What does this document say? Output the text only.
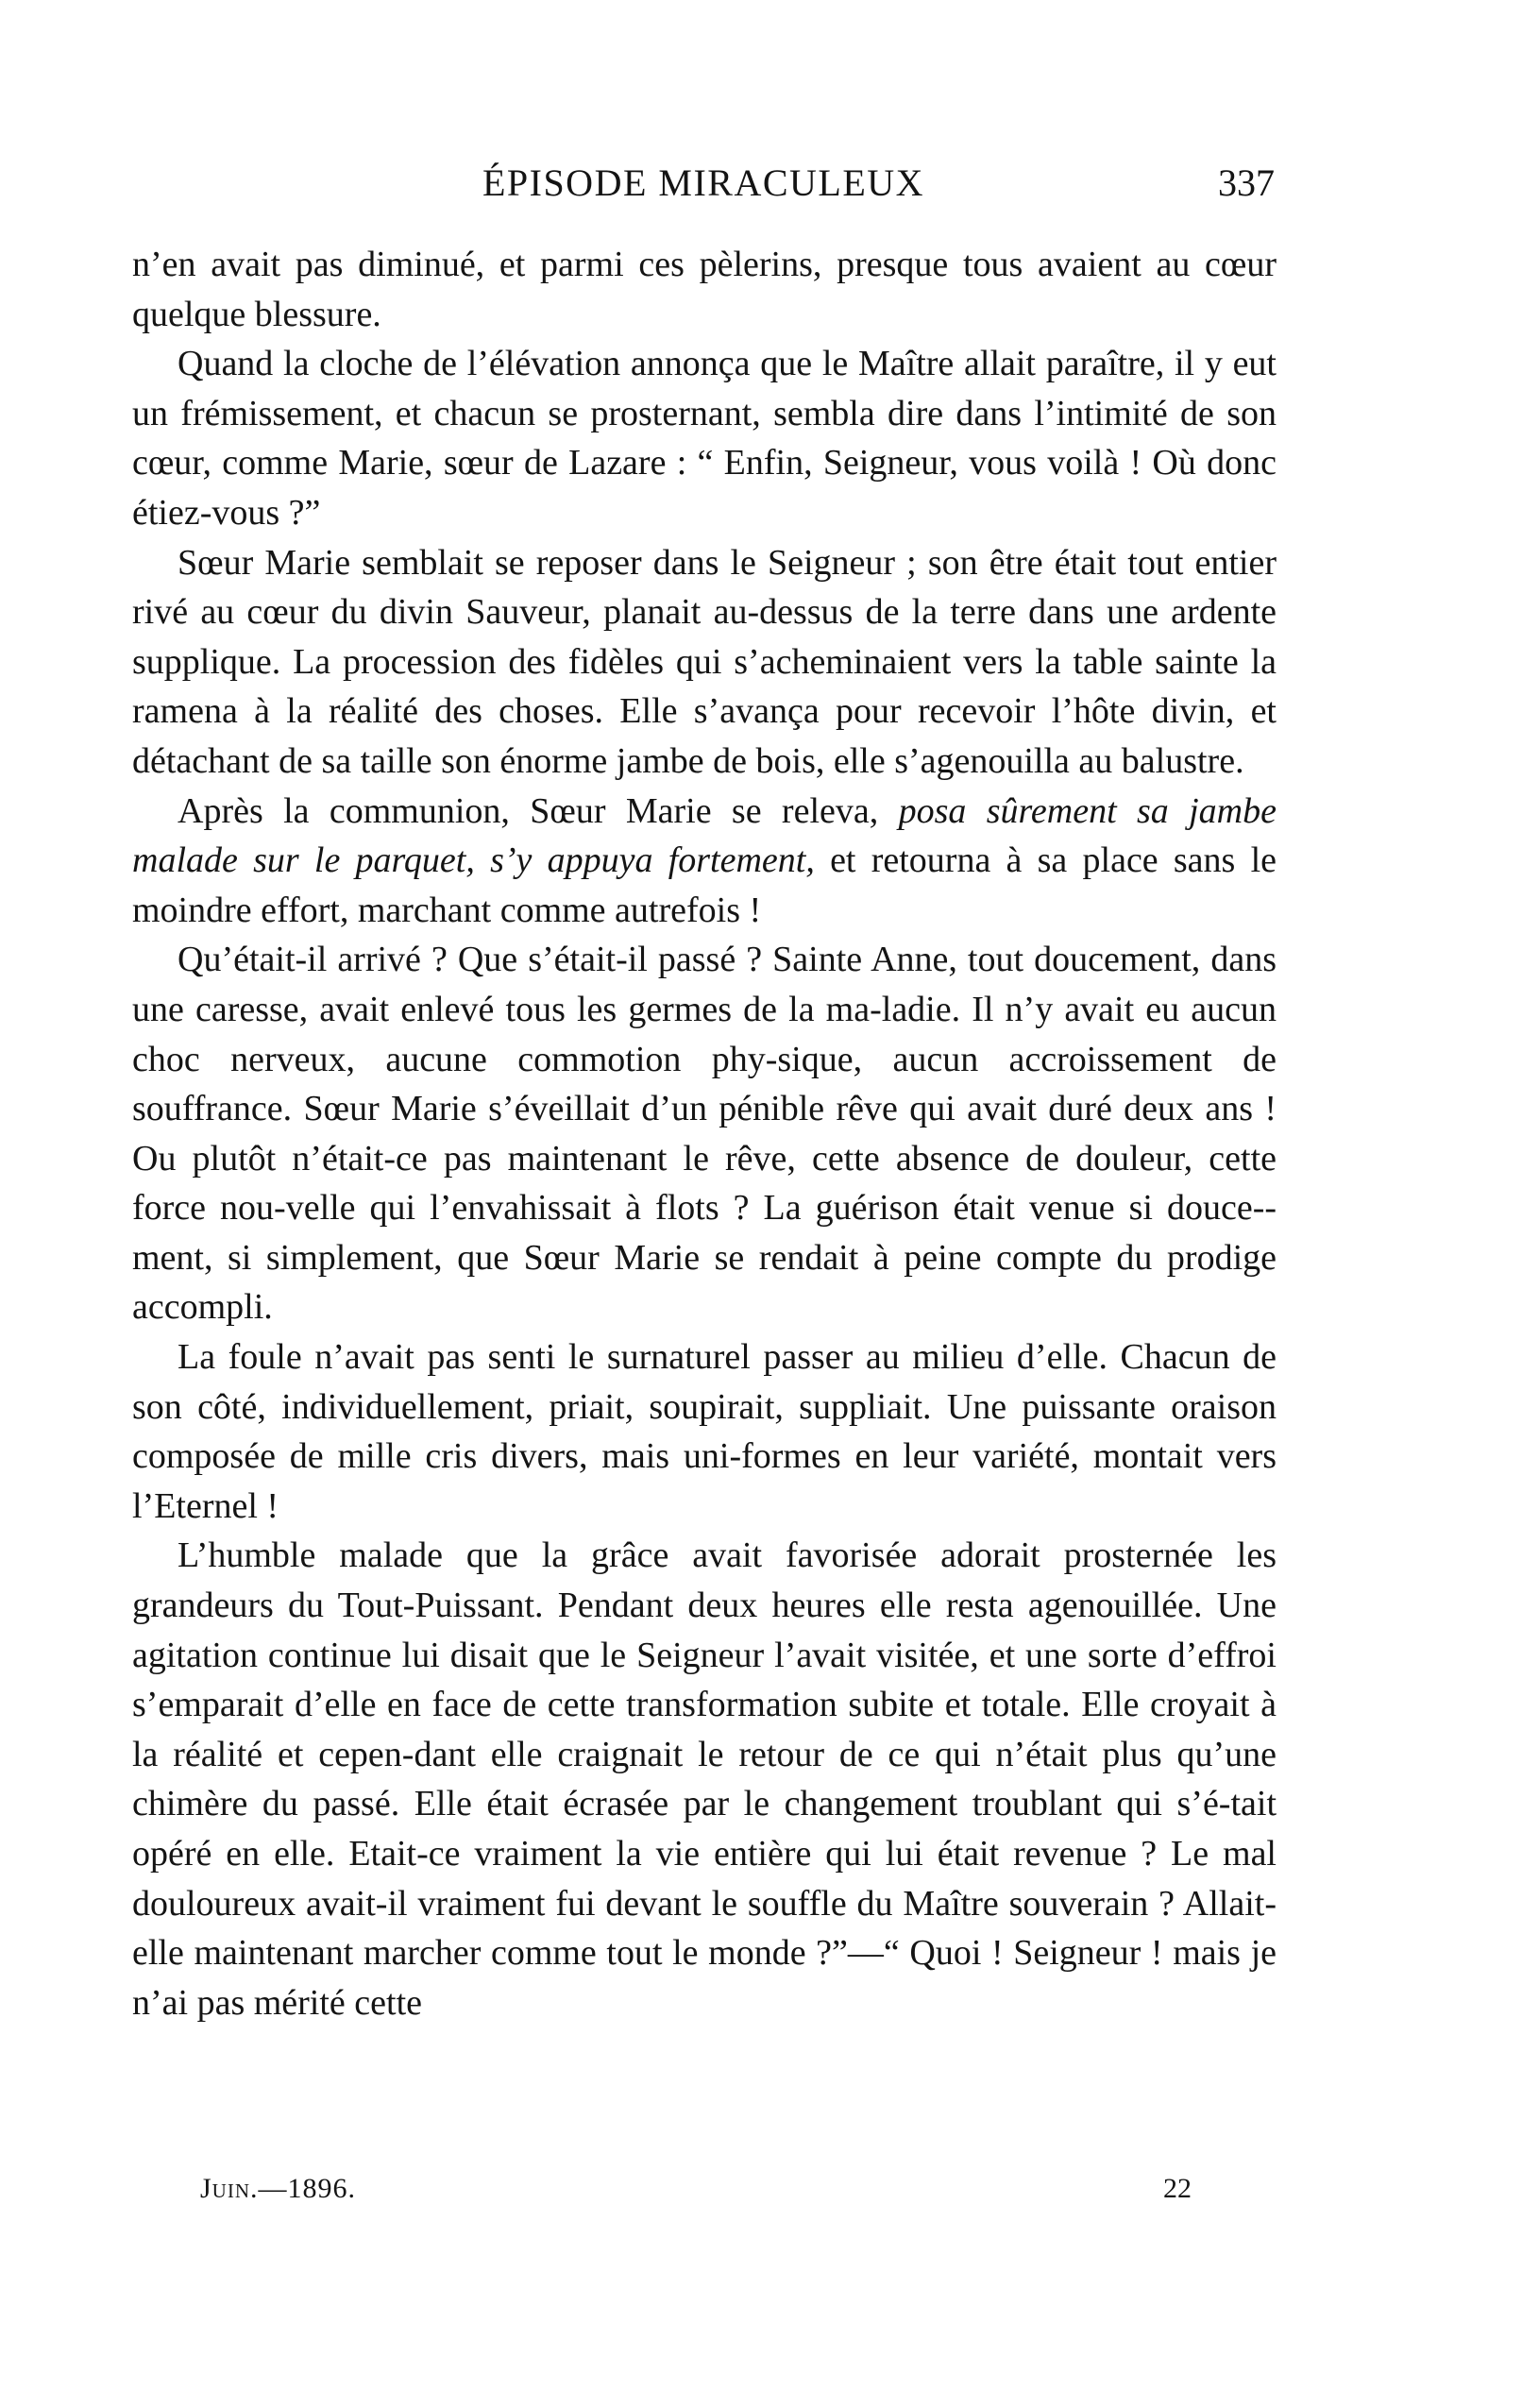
ÉPISODE MIRACULEUX	337

n’en avait pas diminué, et parmi ces pèlerins, presque tous avaient au cœur quelque blessure.

Quand la cloche de l’élévation annonça que le Maître allait paraître, il y eut un frémissement, et chacun se prosternant, sembla dire dans l’intimité de son cœur, comme Marie, sœur de Lazare : “ Enfin, Seigneur, vous voilà ! Où donc étiez-vous ?”

Sœur Marie semblait se reposer dans le Seigneur ; son être était tout entier rivé au cœur du divin Sauveur, planait au-dessus de la terre dans une ardente supplique. La procession des fidèles qui s’acheminaient vers la table sainte la ramena à la réalité des choses. Elle s’avança pour recevoir l’hôte divin, et détachant de sa taille son énorme jambe de bois, elle s’agenouilla au balustre.

Après la communion, Sœur Marie se releva, posa sûrement sa jambe malade sur le parquet, s’y appuya fortement, et retourna à sa place sans le moindre effort, marchant comme autrefois !

Qu’était-il arrivé ? Que s’était-il passé ? Sainte Anne, tout doucement, dans une caresse, avait enlevé tous les germes de la ma-ladie. Il n’y avait eu aucun choc nerveux, aucune commotion phy-sique, aucun accroissement de souffrance. Sœur Marie s’éveillait d’un pénible rêve qui avait duré deux ans ! Ou plutôt n’était-ce pas maintenant le rêve, cette absence de douleur, cette force nou-velle qui l’envahissait à flots ? La guérison était venue si douce-ment, si simplement, que Sœur Marie se rendait à peine compte du prodige accompli.

La foule n’avait pas senti le surnaturel passer au milieu d’elle. Chacun de son côté, individuellement, priait, soupirait, suppliait. Une puissante oraison composée de mille cris divers, mais uni-formes en leur variété, montait vers l’Eternel !

L’humble malade que la grâce avait favorisée adorait prosternée les grandeurs du Tout-Puissant. Pendant deux heures elle resta agenouillée. Une agitation continue lui disait que le Seigneur l’avait visitée, et une sorte d’effroi s’emparait d’elle en face de cette transformation subite et totale. Elle croyait à la réalité et cepen-dant elle craignait le retour de ce qui n’était plus qu’une chimère du passé. Elle était écrasée par le changement troublant qui s’é-tait opéré en elle. Etait-ce vraiment la vie entière qui lui était revenue ? Le mal douloureux avait-il vraiment fui devant le souffle du Maître souverain ? Allait-elle maintenant marcher comme tout le monde ?”—“ Quoi ! Seigneur ! mais je n’ai pas mérité cette

Juin.—1896.	22
